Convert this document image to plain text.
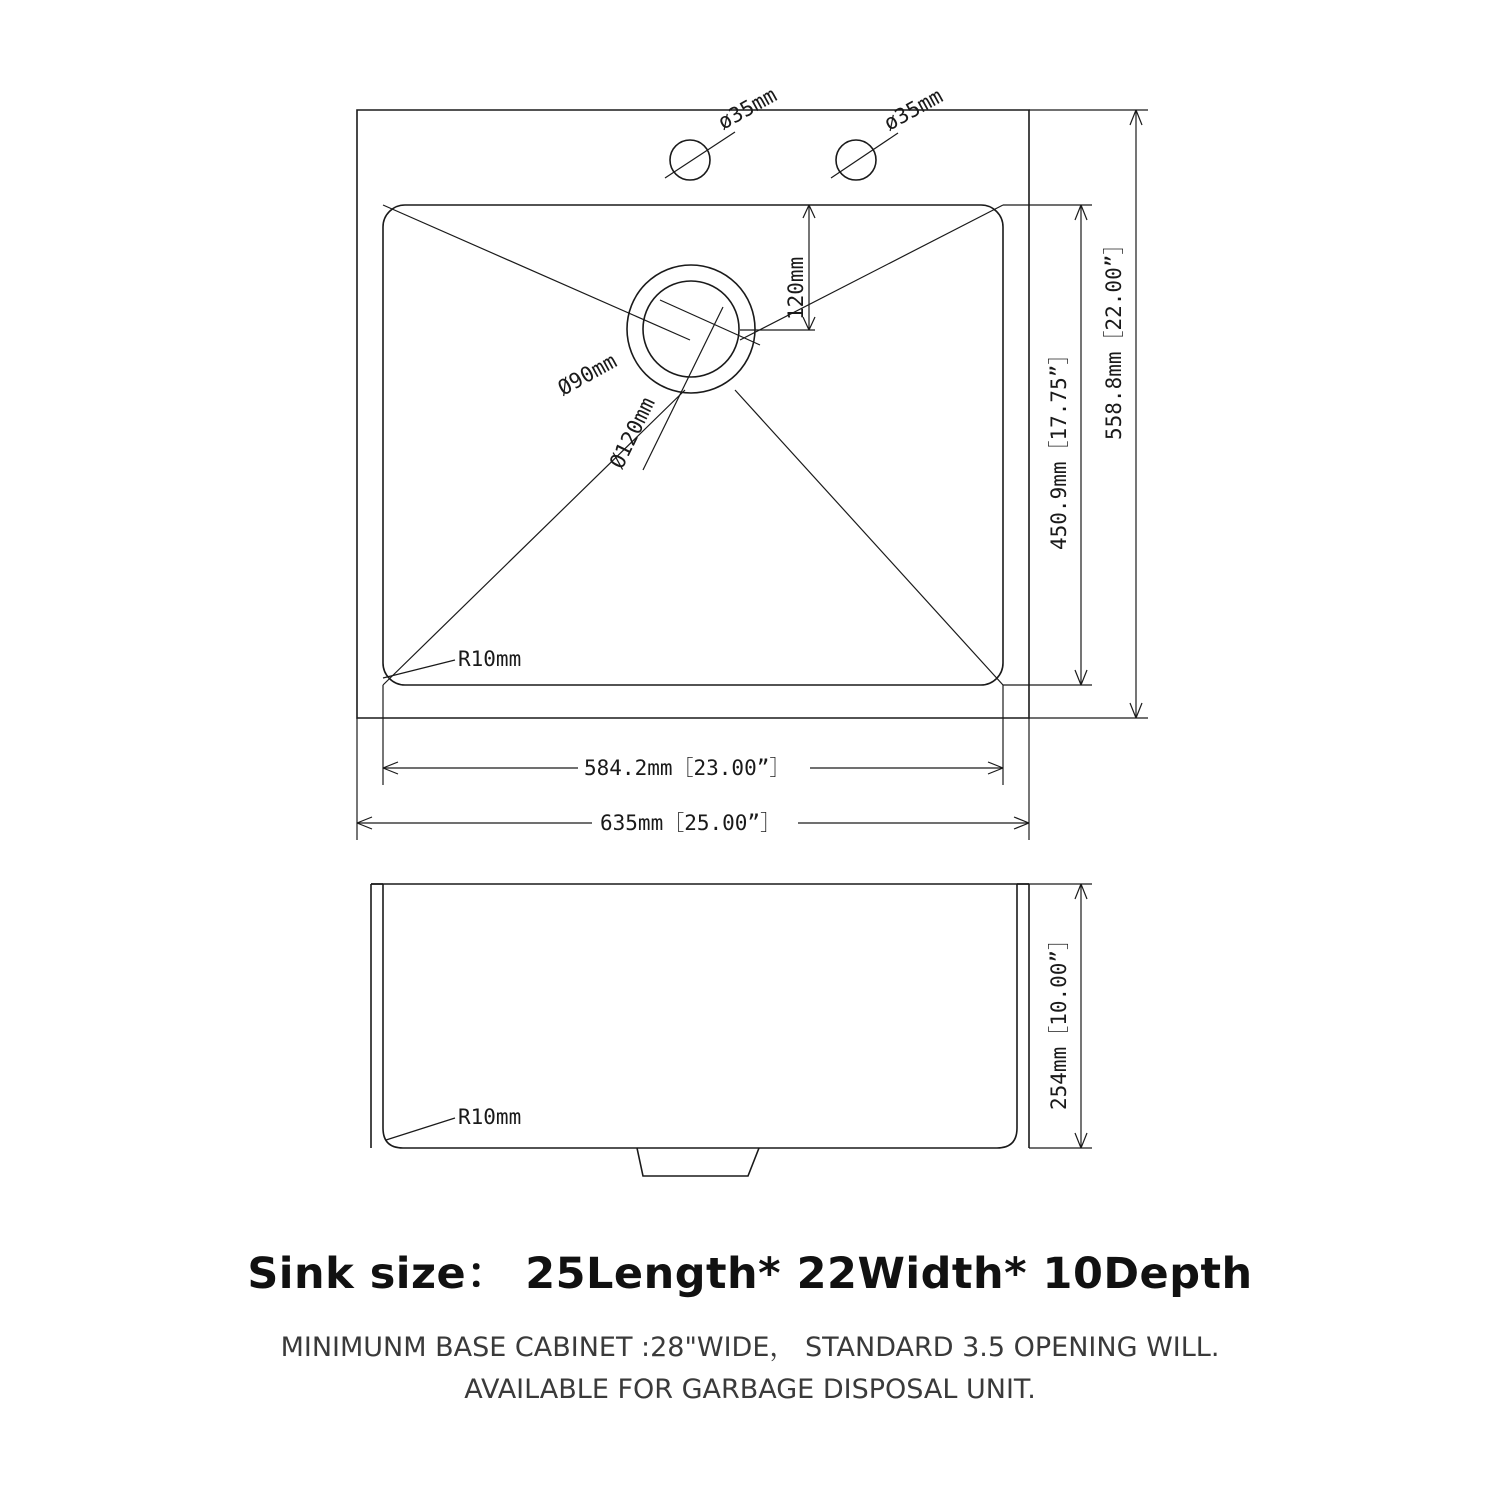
ø35mm	ø35mm
Ø90mm
Ø120mm
120mm
R10mm
450.9mm［17.75”］
558.8mm［22.00”］
584.2mm［23.00”］
635mm［25.00”］
R10mm
254mm［10.00”］

Sink size： 25Length* 22Width* 10Depth

MINIMUNM BASE CABINET :28"WIDE， STANDARD 3.5 OPENING WILL.

AVAILABLE FOR GARBAGE DISPOSAL UNIT.
